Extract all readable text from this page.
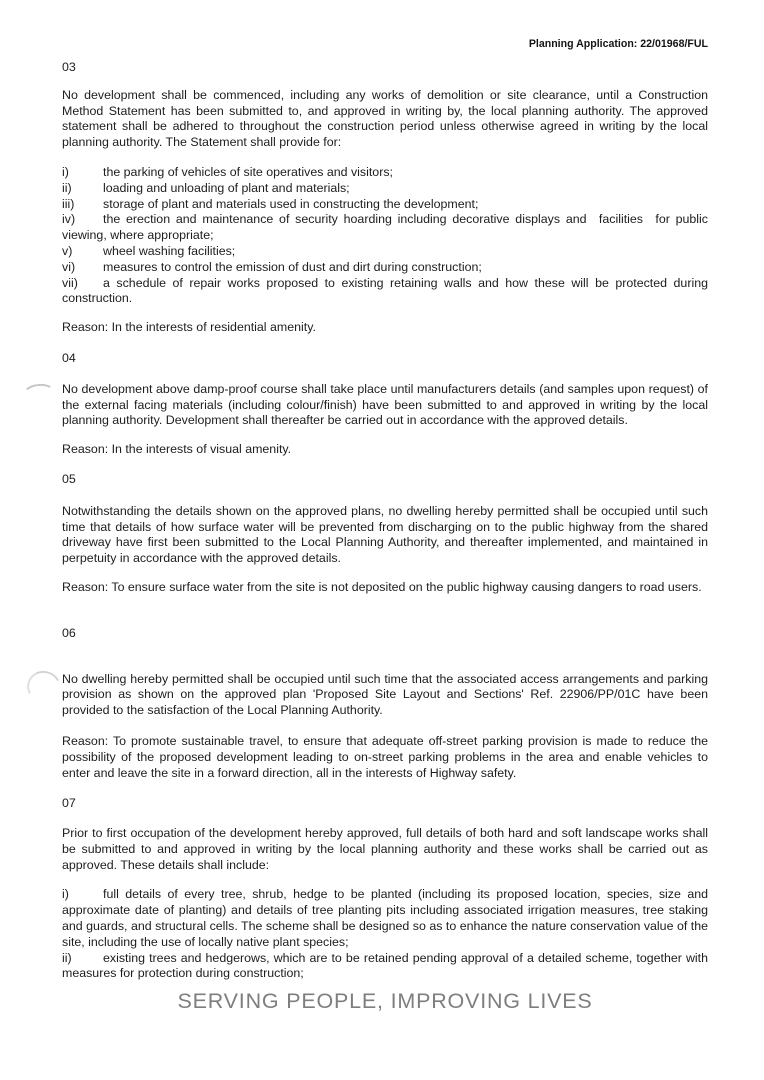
Planning Application: 22/01968/FUL
03

No development shall be commenced, including any works of demolition or site clearance, until a Construction Method Statement has been submitted to, and approved in writing by, the local planning authority. The approved statement shall be adhered to throughout the construction period unless otherwise agreed in writing by the local planning authority. The Statement shall provide for:

i)	the parking of vehicles of site operatives and visitors;
ii)	loading and unloading of plant and materials;
iii) storage of plant and materials used in constructing the development;
iv) the erection and maintenance of security hoarding including decorative displays and  facilities  for public viewing, where appropriate;
v) wheel washing facilities;
vi) measures to control the emission of dust and dirt during construction;
vii) a schedule of repair works proposed to existing retaining walls and how these will be protected during construction.

Reason: In the interests of residential amenity.

04

No development above damp-proof course shall take place until manufacturers details (and samples upon request) of the external facing materials (including colour/finish) have been submitted to and approved in writing by the local planning authority. Development shall thereafter be carried out in accordance with the approved details.

Reason: In the interests of visual amenity.

05

Notwithstanding the details shown on the approved plans, no dwelling hereby permitted shall be occupied until such time that details of how surface water will be prevented from discharging on to the public highway from the shared driveway have first been submitted to the Local Planning Authority, and thereafter implemented, and maintained in perpetuity in accordance with the approved details.

Reason: To ensure surface water from the site is not deposited on the public highway causing dangers to road users.

06

No dwelling hereby permitted shall be occupied until such time that the associated access arrangements and parking provision as shown on the approved plan 'Proposed Site Layout and Sections' Ref. 22906/PP/01C have been provided to the satisfaction of the Local Planning Authority.

Reason: To promote sustainable travel, to ensure that adequate off-street parking provision is made to reduce the possibility of the proposed development leading to on-street parking problems in the area and enable vehicles to enter and leave the site in a forward direction, all in the interests of Highway safety.

07

Prior to first occupation of the development hereby approved, full details of both hard and soft landscape works shall be submitted to and approved in writing by the local planning authority and these works shall be carried out as approved. These details shall include:

i)	full details of every tree, shrub, hedge to be planted (including its proposed location, species, size and approximate date of planting) and details of tree planting pits including associated irrigation measures, tree staking and guards, and structural cells. The scheme shall be designed so as to enhance the nature conservation value of the site, including the use of locally native plant species;
ii)	existing trees and hedgerows, which are to be retained pending approval of a detailed scheme, together with measures for protection during construction;
SERVING PEOPLE, IMPROVING LIVES
